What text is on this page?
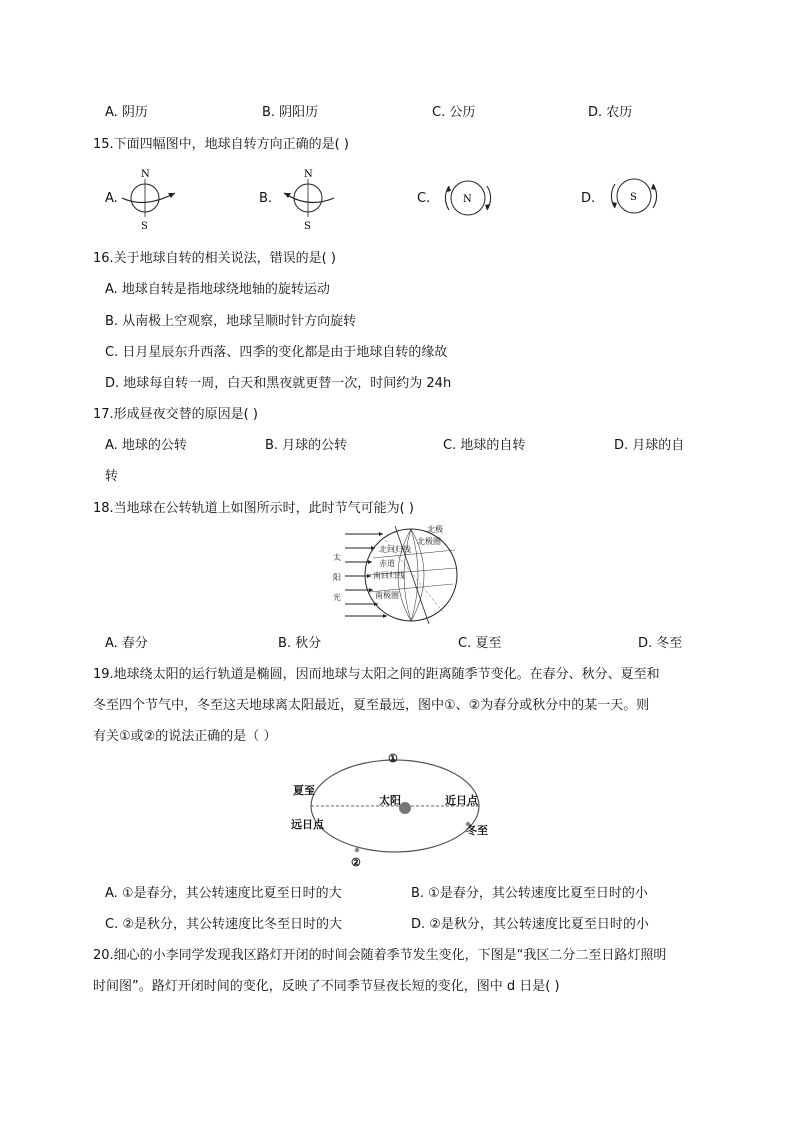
A. 阴历	B. 阴阳历	C. 公历	D. 农历
15.下面四幅图中，地球自转方向正确的是( )
A.
N
S
B.
N
S
C.	N	D.	S
16.关于地球自转的相关说法，错误的是( )
A. 地球自转是指地球绕地轴的旋转运动
B. 从南极上空观察，地球呈顺时针方向旋转
C. 日月星辰东升西落、四季的变化都是由于地球自转的缘故
D. 地球每自转一周，白天和黑夜就更替一次，时间约为 24h
17.形成昼夜交替的原因是( )
A. 地球的公转	B. 月球的公转	C. 地球的自转	D. 月球的自
转
18.当地球在公转轨道上如图所示时，此时节气可能为( )
太
阳
光
北极
北极圈
北回归线
赤道
南回归线
南极圈
A. 春分	B. 秋分	C. 夏至	D. 冬至
19.地球绕太阳的运行轨道是椭圆，因而地球与太阳之间的距离随季节变化。在春分、秋分、夏至和
冬至四个节气中，冬至这天地球离太阳最近，夏至最远，图中①、②为春分或秋分中的某一天。则
有关①或②的说法正确的是（ ）
①
②
太阳
夏至
近日点
远日点	冬至
A. ①是春分，其公转速度比夏至日时的大	B. ①是春分，其公转速度比夏至日时的小
C. ②是秋分，其公转速度比冬至日时的大	D. ②是秋分，其公转速度比夏至日时的小
20.细心的小李同学发现我区路灯开闭的时间会随着季节发生变化，下图是“我区二分二至日路灯照明
时间图”。路灯开闭时间的变化，反映了不同季节昼夜长短的变化，图中 d 日是( )
